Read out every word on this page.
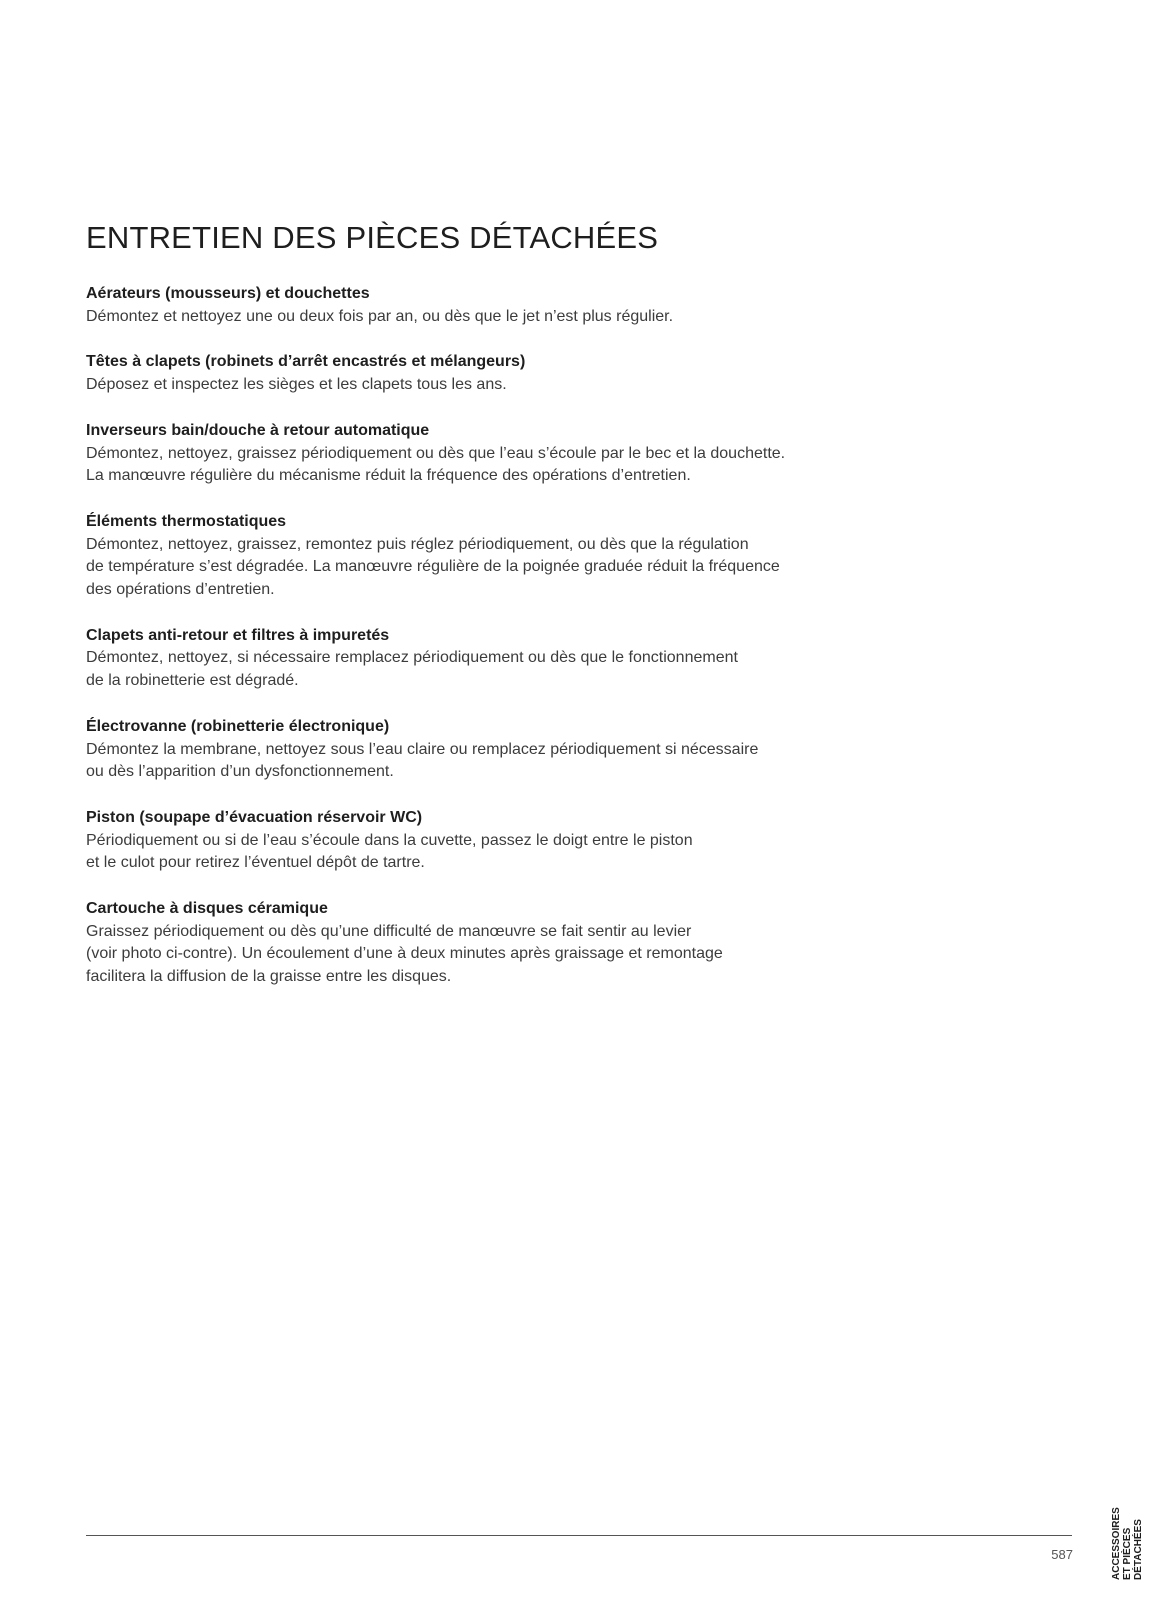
ENTRETIEN DES PIÈCES DÉTACHÉES
Aérateurs (mousseurs) et douchettes
Démontez et nettoyez une ou deux fois par an, ou dès que le jet n’est plus régulier.
Têtes à clapets (robinets d’arrêt encastrés et mélangeurs)
Déposez et inspectez les sièges et les clapets tous les ans.
Inverseurs bain/douche à retour automatique
Démontez, nettoyez, graissez périodiquement ou dès que l’eau s’écoule par le bec et la douchette.
La manœuvre régulière du mécanisme réduit la fréquence des opérations d’entretien.
Éléments thermostatiques
Démontez, nettoyez, graissez, remontez puis réglez périodiquement, ou dès que la régulation
de température s’est dégradée. La manœuvre régulière de la poignée graduée réduit la fréquence
des opérations d’entretien.
Clapets anti-retour et filtres à impuretés
Démontez, nettoyez, si nécessaire remplacez périodiquement ou dès que le fonctionnement
de la robinetterie est dégradé.
Électrovanne (robinetterie électronique)
Démontez la membrane, nettoyez sous l’eau claire ou remplacez périodiquement si nécessaire
ou dès l’apparition d’un dysfonctionnement.
Piston (soupape d’évacuation réservoir WC)
Périodiquement ou si de l’eau s’écoule dans la cuvette, passez le doigt entre le piston
et le culot pour retirez l’éventuel dépôt de tartre.
Cartouche à disques céramique
Graissez périodiquement ou dès qu’une difficulté de manœuvre se fait sentir au levier
(voir photo ci-contre). Un écoulement d’une à deux minutes après graissage et remontage
facilitera la diffusion de la graisse entre les disques.
587	ACCESSOIRES ET PIÈCES DÉTACHÉES
